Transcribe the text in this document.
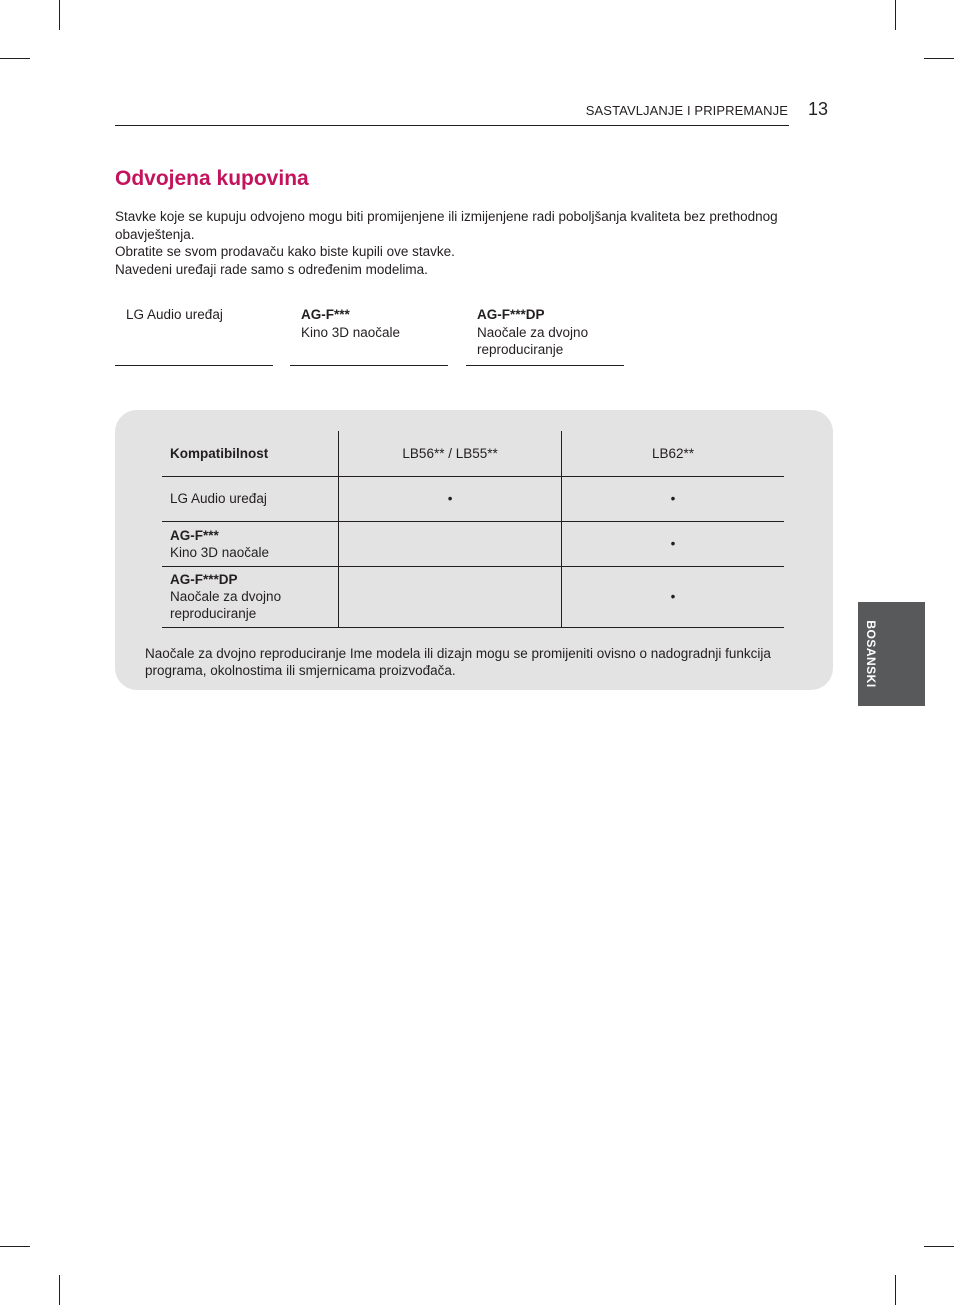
SASTAVLJANJE I PRIPREMANJE 13
Odvojena kupovina

Stavke koje se kupuju odvojeno mogu biti promijenjene ili izmijenjene radi poboljšanja kvaliteta bez prethodnog obavještenja.

Obratite se svom prodavaču kako biste kupili ove stavke.

Navedeni uređaji rade samo s određenim modelima.

LG Audio uređaj	AG-F***
Kino 3D naočale
AG-F***DP
Naočale za dvojno reproduciranje
Kompatibilnost	LB56** / LB55**	LB62**

LG Audio uređaj	•	•

AG-F***
Kino 3D naočale		•

AG-F***DP
Naočale za dvojno reproduciranje		•

Naočale za dvojno reproduciranje Ime modela ili dizajn mogu se promijeniti ovisno o nadogradnji funkcija programa, okolnostima ili smjernicama proizvođača.	BOSANSKI
